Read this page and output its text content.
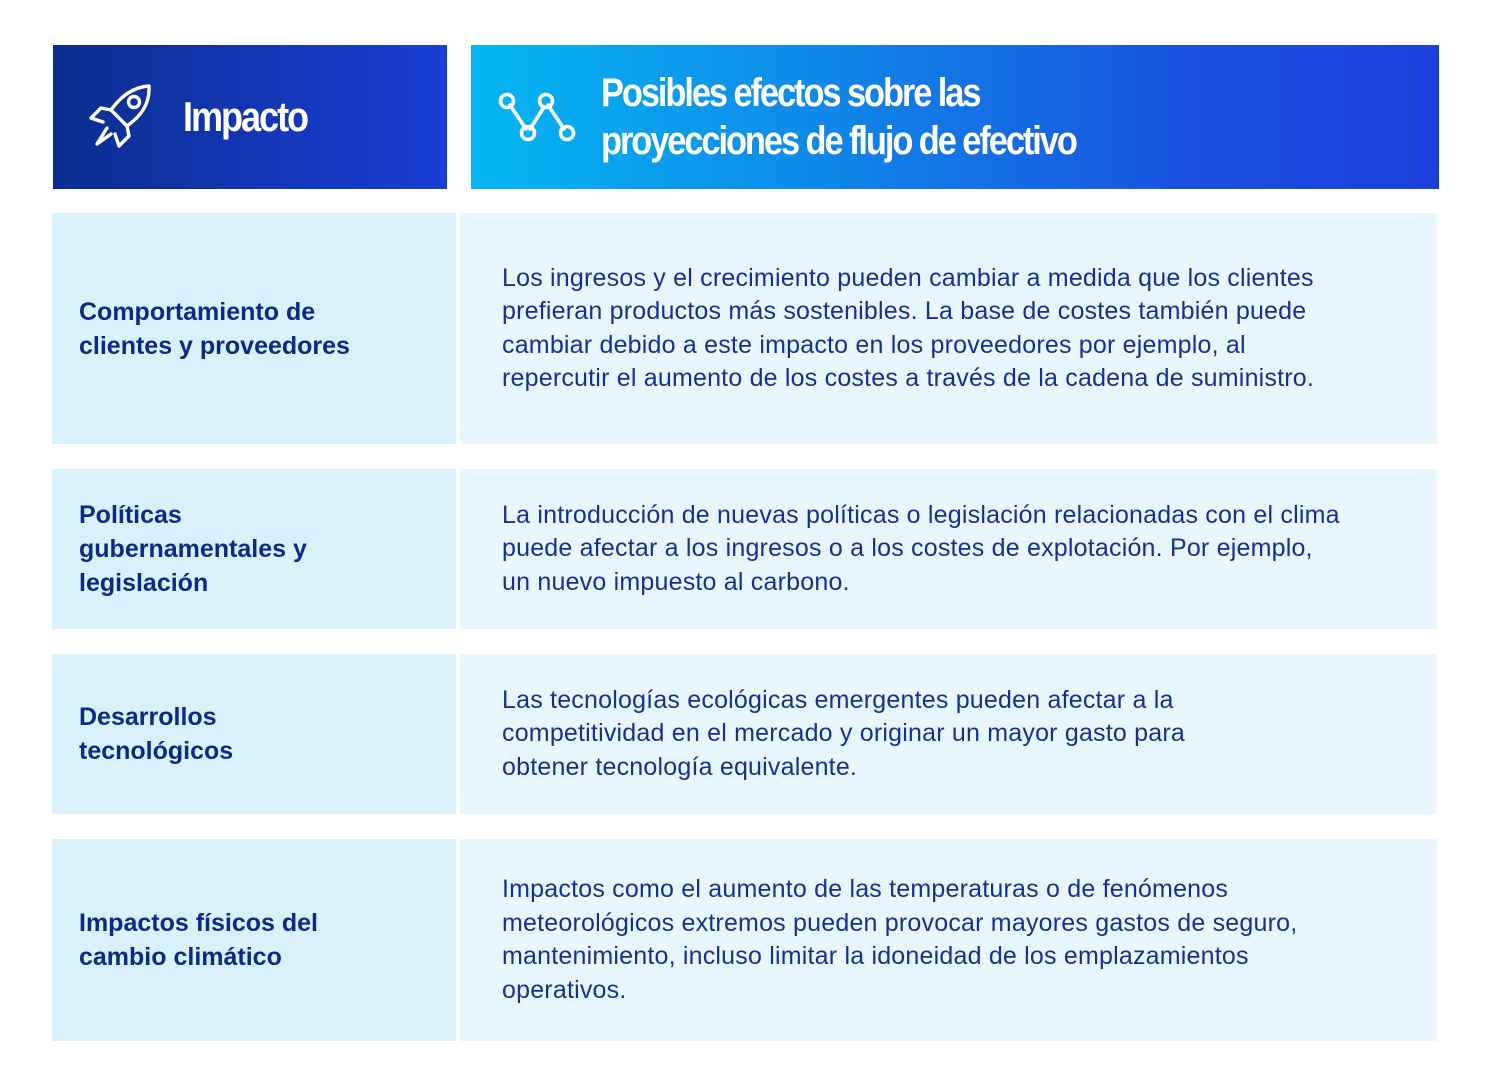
Impacto	Posibles efectos sobre las
proyecciones de flujo de efectivo
Comportamiento de clientes y proveedores
Los ingresos y el crecimiento pueden cambiar a medida que los clientes prefieran productos más sostenibles. La base de costes también puede cambiar debido a este impacto en los proveedores por ejemplo, al repercutir el aumento de los costes a través de la cadena de suministro.
Políticas gubernamentales y legislación
La introducción de nuevas políticas o legislación relacionadas con el clima puede afectar a los ingresos o a los costes de explotación. Por ejemplo, un nuevo impuesto al carbono.
Desarrollos tecnológicos
Las tecnologías ecológicas emergentes pueden afectar a la competitividad en el mercado y originar un mayor gasto para obtener tecnología equivalente.
Impactos físicos del cambio climático
Impactos como el aumento de las temperaturas o de fenómenos meteorológicos extremos pueden provocar mayores gastos de seguro, mantenimiento, incluso limitar la idoneidad de los emplazamientos operativos.
